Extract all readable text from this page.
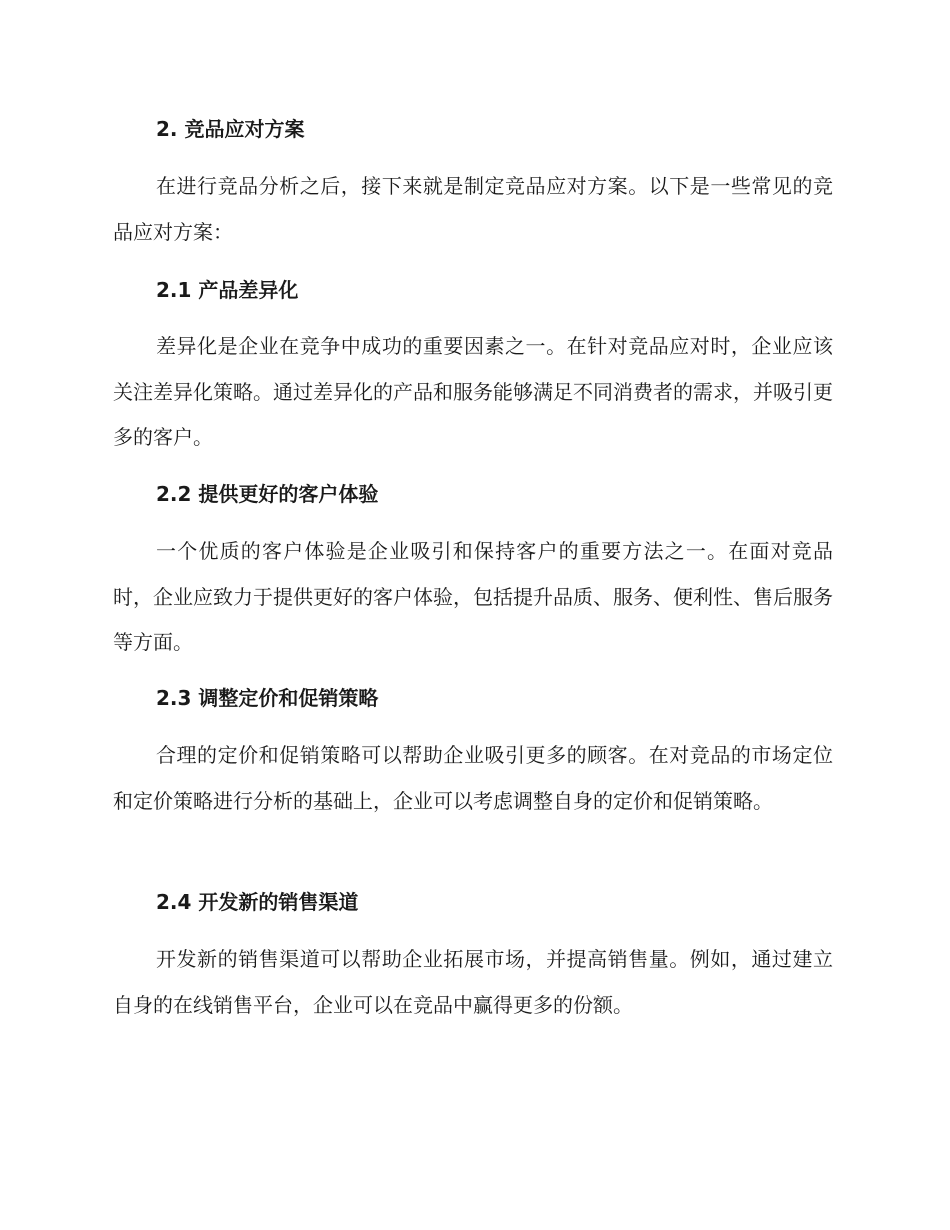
2. 竞品应对方案

在进行竞品分析之后，接下来就是制定竞品应对方案。以下是一些常见的竞品应对方案：

2.1 产品差异化

差异化是企业在竞争中成功的重要因素之一。在针对竞品应对时，企业应该关注差异化策略。通过差异化的产品和服务能够满足不同消费者的需求，并吸引更多的客户。

2.2 提供更好的客户体验

一个优质的客户体验是企业吸引和保持客户的重要方法之一。在面对竞品时，企业应致力于提供更好的客户体验，包括提升品质、服务、便利性、售后服务等方面。

2.3 调整定价和促销策略

合理的定价和促销策略可以帮助企业吸引更多的顾客。在对竞品的市场定位和定价策略进行分析的基础上，企业可以考虑调整自身的定价和促销策略。

2.4 开发新的销售渠道

开发新的销售渠道可以帮助企业拓展市场，并提高销售量。例如，通过建立自身的在线销售平台，企业可以在竞品中赢得更多的份额。
